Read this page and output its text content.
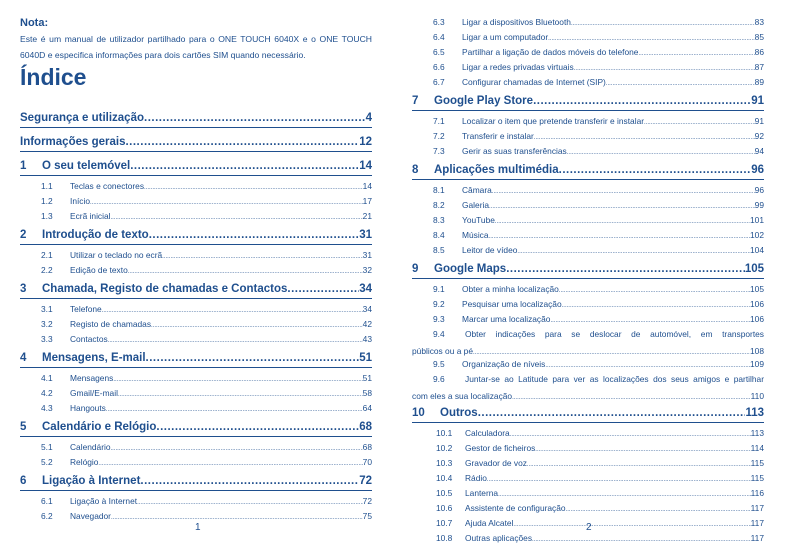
Nota:
Este é um manual de utilizador partilhado para o ONE TOUCH 6040X e o ONE TOUCH 6040D e especifica informações para dois cartões SIM quando necessário.
Índice
Segurança e utilização .....	4
Informações gerais .....	12
1	O seu telemóvel .....	14
1.1	Teclas e conectores .....	14
1.2	Início .....	17
1.3	Ecrã inicial .....	21
2	Introdução de texto .....	31
2.1	Utilizar o teclado no ecrã .....	31
2.2	Edição de texto .....	32
3	Chamada, Registo de chamadas e Contactos .....	34
3.1	Telefone .....	34
3.2	Registo de chamadas .....	42
3.3	Contactos .....	43
4	Mensagens, E-mail .....	51
4.1	Mensagens .....	51
4.2	Gmail/E-mail .....	58
4.3	Hangouts .....	64
5	Calendário e Relógio .....	68
5.1	Calendário .....	68
5.2	Relógio .....	70
6	Ligação à Internet .....	72
6.1	Ligação à Internet .....	72
6.2	Navegador .....	75
1
6.3	Ligar a dispositivos Bluetooth .....	83
6.4	Ligar a um computador .....	85
6.5	Partilhar a ligação de dados móveis do telefone .....	86
6.6	Ligar a redes privadas virtuais .....	87
6.7	Configurar chamadas de Internet (SIP) .....	89
7	Google Play Store .....	91
7.1	Localizar o item que pretende transferir e instalar .....	91
7.2	Transferir e instalar .....	92
7.3	Gerir as suas transferências .....	94
8	Aplicações multimédia .....	96
8.1	Câmara .....	96
8.2	Galeria .....	99
8.3	YouTube .....	101
8.4	Música .....	102
8.5	Leitor de vídeo .....	104
9	Google Maps .....	105
9.1	Obter a minha localização .....	105
9.2	Pesquisar uma localização .....	106
9.3	Marcar uma localização .....	106
9.4	Obter indicações para se deslocar de automóvel, em transportes
públicos ou a pé .....	108
9.5	Organização de níveis .....	109
9.6	Juntar-se ao Latitude para ver as localizações dos seus amigos e partilhar
com eles a sua localização .....	110
10	Outros .....	113
10.1	Calculadora .....	113
10.2	Gestor de ficheiros .....	114
10.3	Gravador de voz .....	115
10.4	Rádio .....	115
10.5	Lanterna .....	116
10.6	Assistente de configuração .....	117
10.7	Ajuda Alcatel .....	117
10.8	Outras aplicações .....	117
2
